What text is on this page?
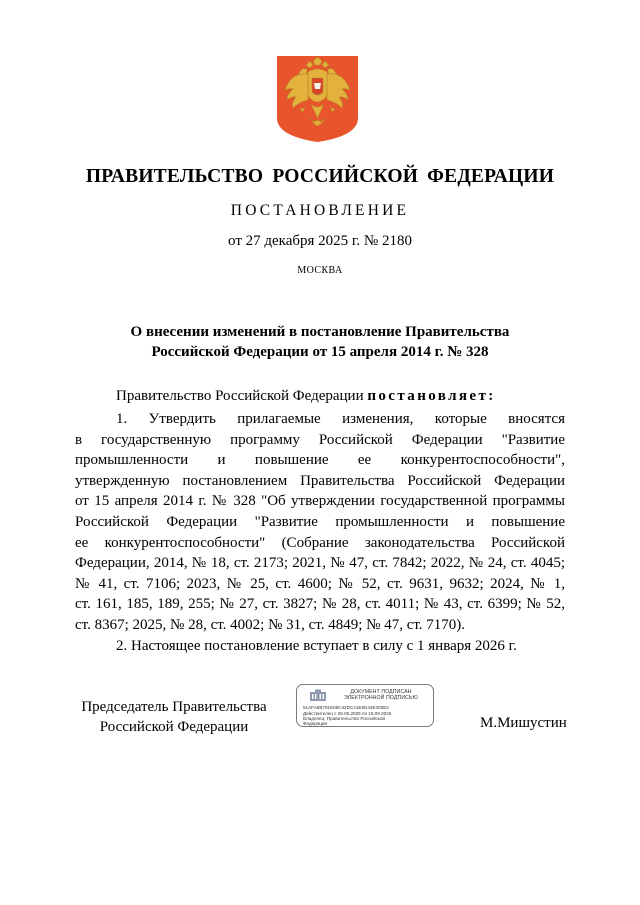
ПРАВИТЕЛЬСТВО РОССИЙСКОЙ ФЕДЕРАЦИИ
ПОСТАНОВЛЕНИЕ
от 27 декабря 2025 г. № 2180
МОСКВА
О внесении изменений в постановление Правительства
Российской Федерации от 15 апреля 2014 г. № 328
Правительство Российской Федерации постановляет:
1. Утвердить прилагаемые изменения, которые вносятся
в государственную программу Российской Федерации "Развитие
промышленности и повышение ее конкурентоспособности",
утвержденную постановлением Правительства Российской Федерации
от 15 апреля 2014 г. № 328 "Об утверждении государственной программы
Российской Федерации "Развитие промышленности и повышение
ее конкурентоспособности" (Собрание законодательства Российской
Федерации, 2014, № 18, ст. 2173; 2021, № 47, ст. 7842; 2022, № 24, ст. 4045;
№ 41, ст. 7106; 2023, № 25, ст. 4600; № 52, ст. 9631, 9632; 2024, № 1,
ст. 161, 185, 189, 255; № 27, ст. 3827; № 28, ст. 4011; № 43, ст. 6399; № 52,
ст. 8367; 2025, № 28, ст. 4002; № 31, ст. 4849; № 47, ст. 7170).
2. Настоящее постановление вступает в силу с 1 января 2026 г.
Председатель Правительства
Российской Федерации
ДОКУМЕНТ ПОДПИСАН
ЭЛЕКТРОННОЙ ПОДПИСЬЮ
51AFA8B781E08C42DC41E5D43E303E3
Действителен с 26.06.2025 по 19.09.2026
Владелец: Правительство Российской
Федерации	М.Мишустин
